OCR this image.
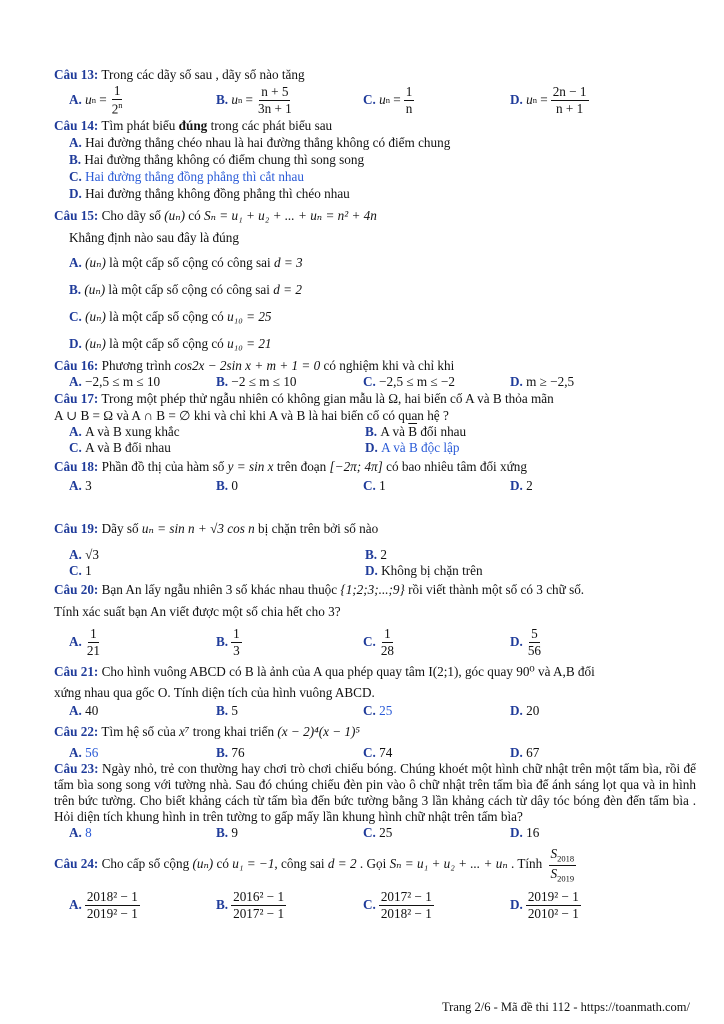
Câu 13: Trong các dãy số sau , dãy số nào tăng

A.
u $n = \frac{1}{2^n}$	B.
u $n = \frac{n + 5}{3n + 1}$	C.
u $n = \frac{1}{n}$	D.
u $n = \frac{2n - 1}{n + 1}$

Câu 14: Tìm phát biểu đúng trong các phát biểu sau

A. Hai đường thẳng chéo nhau là hai đường thẳng không có điểm chung

B. Hai đường thẳng không có điểm chung thì song song

C. Hai đường thẳng đồng phẳng thì cắt nhau

D. Hai đường thẳng không đồng phẳng thì chéo nhau

Câu 15: Cho dãy số (uₙ) có Sₙ = u₁ + u₂ + ... + uₙ = n² + 4n

Khẳng định nào sau đây là đúng

A. (uₙ) là một cấp số cộng có công sai d = 3

B. (uₙ) là một cấp số cộng có công sai d = 2

C. (uₙ) là một cấp số cộng có u₁₀ = 25

D. (uₙ) là một cấp số cộng có u₁₀ = 21

Câu 16: Phương trình cos2x − 2sin x + m + 1 = 0 có nghiệm khi và chỉ khi

A.
−2,5 ≤ m ≤ 10	B.
−2 ≤ m ≤ 10	C.
−2,5 ≤ m ≤ −2	D.
m ≥ −2,5

Câu 17: Trong một phép thử ngẫu nhiên có không gian mẫu là Ω, hai biến cố A và B thỏa mãn

A ∪ B = Ω và A ∩ B = ∅ khi và chỉ khi A và B là hai biến cố có quan hệ ?

A.
A và B xung khắc	B.
A và
$\overline{B}$
đối nhau
C.
A và B đối nhau	D.
A và B độc lập

Câu 18: Phần đồ thị của hàm số y = sin x trên đoạn [−2π; 4π] có bao nhiêu tâm đối xứng

A.
3	B.
0	C.
1	D.
2

Câu 19: Dãy số uₙ = sin n + √3 cos n bị chặn trên bởi số nào

A.
√3	B.
2
C.
1	D.
Không bị chặn trên

Câu 20: Bạn An lấy ngẫu nhiên 3 số khác nhau thuộc {1;2;3;...;9} rồi viết thành một số có 3 chữ số.

Tính xác suất bạn An viết được một số chia hết cho 3?

A. $\frac{1}{21}$	B. $\frac{1}{3}$	C. $\frac{1}{28}$	D. $\frac{5}{56}$

Câu 21: Cho hình vuông ABCD có B là ảnh của A qua phép quay tâm I(2;1), góc quay 90⁰ và A,B đối

xứng nhau qua gốc O. Tính diện tích của hình vuông ABCD.

A.
40	B.
5	C.
25	D.
20

Câu 22: Tìm hệ số của x⁷ trong khai triển (x − 2)⁴(x − 1)⁵

A.
56	B.
76	C.
74	D.
67

Câu 23: Ngày nhỏ, trẻ con thường hay chơi trò chơi chiếu bóng. Chúng khoét một hình chữ nhật trên một tấm bìa, rồi để tấm bìa song song với tường nhà. Sau đó chúng chiếu đèn pin vào ô chữ nhật trên tấm bìa để ánh sáng lọt qua và in hình trên bức tường. Cho biết khảng cách từ tấm bìa đến bức tường bằng 3 lần khảng cách từ dây tóc bóng đèn đến tấm bìa . Hỏi diện tích khung hình in trên tường to gấp mấy lần khung hình chữ nhật trên tấm bìa?

A.
8	B.
9	C.
25	D.
16

Câu 24: Cho cấp số cộng (uₙ) có u₁ = −1, công sai d = 2 . Gọi Sₙ = u₁ + u₂ + ... + uₙ . Tính $\frac{S_{2018}}{S_{2019}}$

A. $\frac{\text{2018² − 1}}{\text{2019² − 1}}$	B. $\frac{\text{2016² − 1}}{\text{2017² − 1}}$	C. $\frac{\text{2017² − 1}}{\text{2018² − 1}}$	D. $\frac{\text{2019² − 1}}{\text{2010² − 1}}$
Trang 2/6 - Mã đề thi 112 - https://toanmath.com/
